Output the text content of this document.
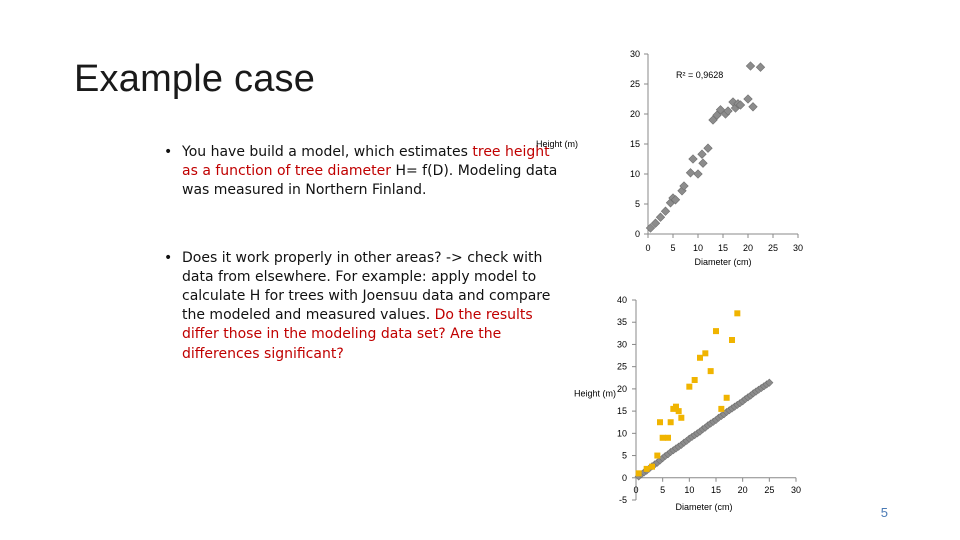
Example case
• You have build a model, which estimates tree height as a function of tree diameter H= f(D). Modeling data was measured in Northern Finland.
• Does it work properly in other areas? -> check with data from elsewhere. For example: apply model to calculate H for trees with Joensuu data and compare the modeled and measured values. Do the results differ those in the modeling data set? Are the differences significant?
0
5
10
15
20
25
30
0 5 10 15 20 25 30
Diameter (cm)
Height (m)
R² = 0,9628
-5
0
5
10
15
20
25
30
35
40
0 5 10 15 20 25 30
Diameter (cm)
Height (m)
5
